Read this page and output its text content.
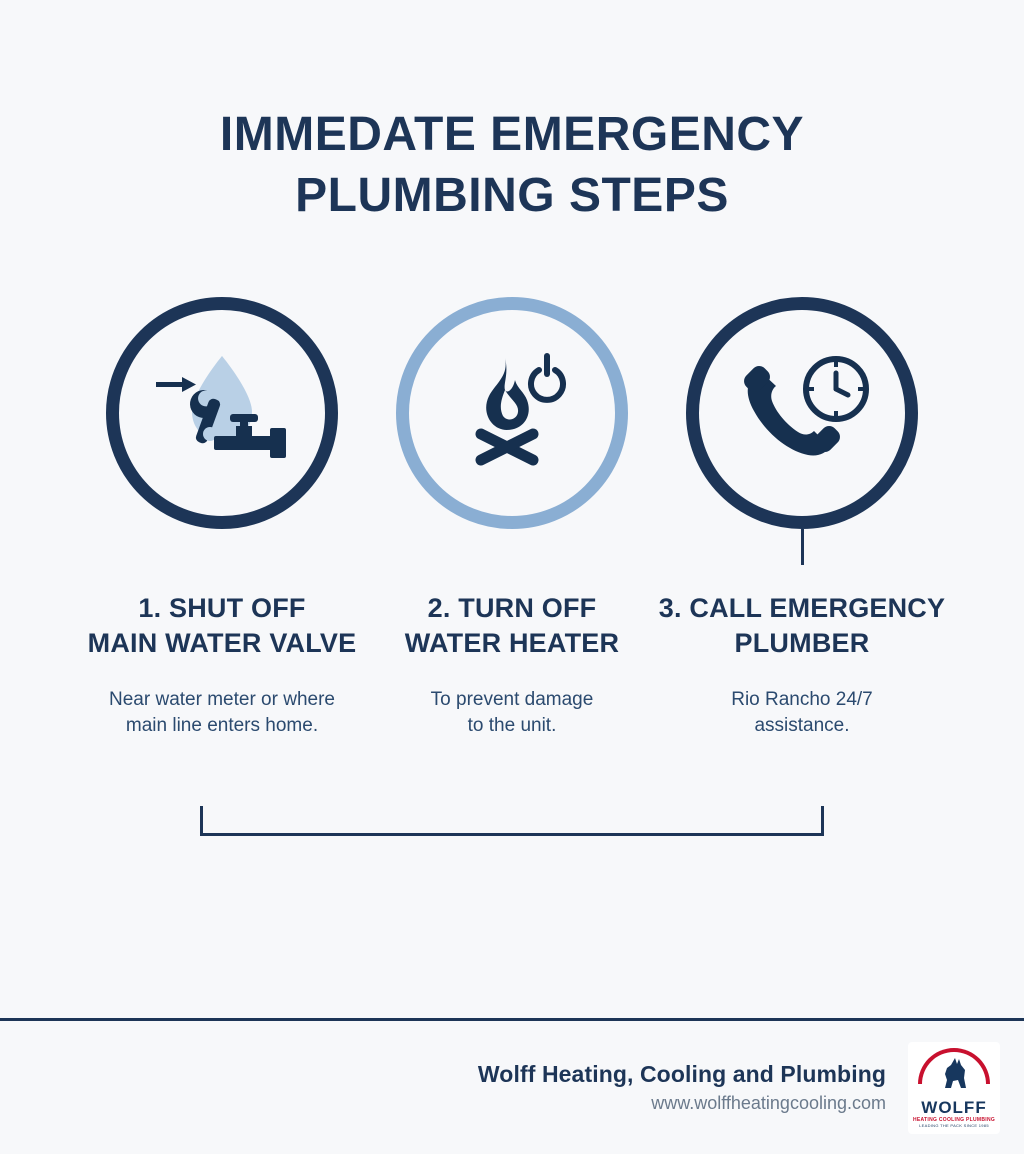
IMMEDATE EMERGENCY
PLUMBING STEPS
1. SHUT OFF
MAIN WATER VALVE
Near water meter or where
main line enters home.
2. TURN OFF
WATER HEATER
To prevent damage
to the unit.
3. CALL EMERGENCY
PLUMBER
Rio Rancho 24/7
assistance.
Wolff Heating, Cooling and Plumbing
www.wolffheatingcooling.com WOLFF
HEATING COOLING PLUMBING
LEADING THE PACK SINCE 1985
